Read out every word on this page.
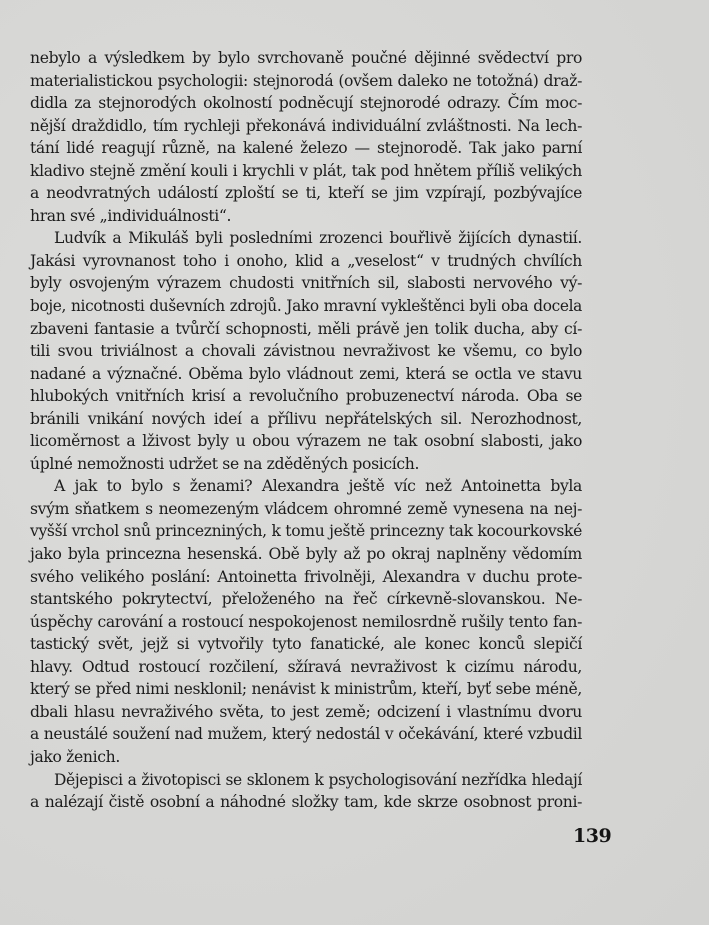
nebylo a výsledkem by bylo svrchovaně poučné dějinné svědectví pro
materialistickou psychologii: stejnorodá (ovšem daleko ne totožná) draž-
didla za stejnorodých okolností podněcují stejnorodé odrazy. Čím moc-
nější draždidlo, tím rychleji překonává individuální zvláštnosti. Na lech-
tání lidé reagují různě, na kalené železo — stejnorodě. Tak jako parní
kladivo stejně změní kouli i krychli v plát, tak pod hnětem příliš velikých
a neodvratných událostí zploští se ti, kteří se jim vzpírají, pozbývajíce
hran své „individuálnosti“.
Ludvík a Mikuláš byli posledními zrozenci bouřlivě žijících dynastií.
Jakási vyrovnanost toho i onoho, klid a „veselost“ v trudných chvílích
byly osvojeným výrazem chudosti vnitřních sil, slabosti nervového vý-
boje, nicotnosti duševních zdrojů. Jako mravní vykleštěnci byli oba docela
zbaveni fantasie a tvůrčí schopnosti, měli právě jen tolik ducha, aby cí-
tili svou triviálnost a chovali závistnou nevraživost ke všemu, co bylo
nadané a význačné. Oběma bylo vládnout zemi, která se octla ve stavu
hlubokých vnitřních krisí a revolučního probuzenectví národa. Oba se
bránili vnikání nových ideí a přílivu nepřátelských sil. Nerozhodnost,
licoměrnost a lživost byly u obou výrazem ne tak osobní slabosti, jako
úplné nemožnosti udržet se na zděděných posicích.
A jak to bylo s ženami? Alexandra ještě víc než Antoinetta byla
svým sňatkem s neomezeným vládcem ohromné země vynesena na nej-
vyšší vrchol snů princezniných, k tomu ještě princezny tak kocourkovské
jako byla princezna hesenská. Obě byly až po okraj naplněny vědomím
svého velikého poslání: Antoinetta frivolněji, Alexandra v duchu prote-
stantského pokrytectví, přeloženého na řeč církevně-slovanskou. Ne-
úspěchy carování a rostoucí nespokojenost nemilosrdně rušily tento fan-
tastický svět, jejž si vytvořily tyto fanatické, ale konec konců slepičí
hlavy. Odtud rostoucí rozčilení, sžíravá nevraživost k cizímu národu,
který se před nimi nesklonil; nenávist k ministrům, kteří, byť sebe méně,
dbali hlasu nevraživého světa, to jest země; odcizení i vlastnímu dvoru
a neustálé soužení nad mužem, který nedostál v očekávání, které vzbudil
jako ženich.
Dějepisci a životopisci se sklonem k psychologisování nezřídka hledají
a nalézají čistě osobní a náhodné složky tam, kde skrze osobnost proni-
139
